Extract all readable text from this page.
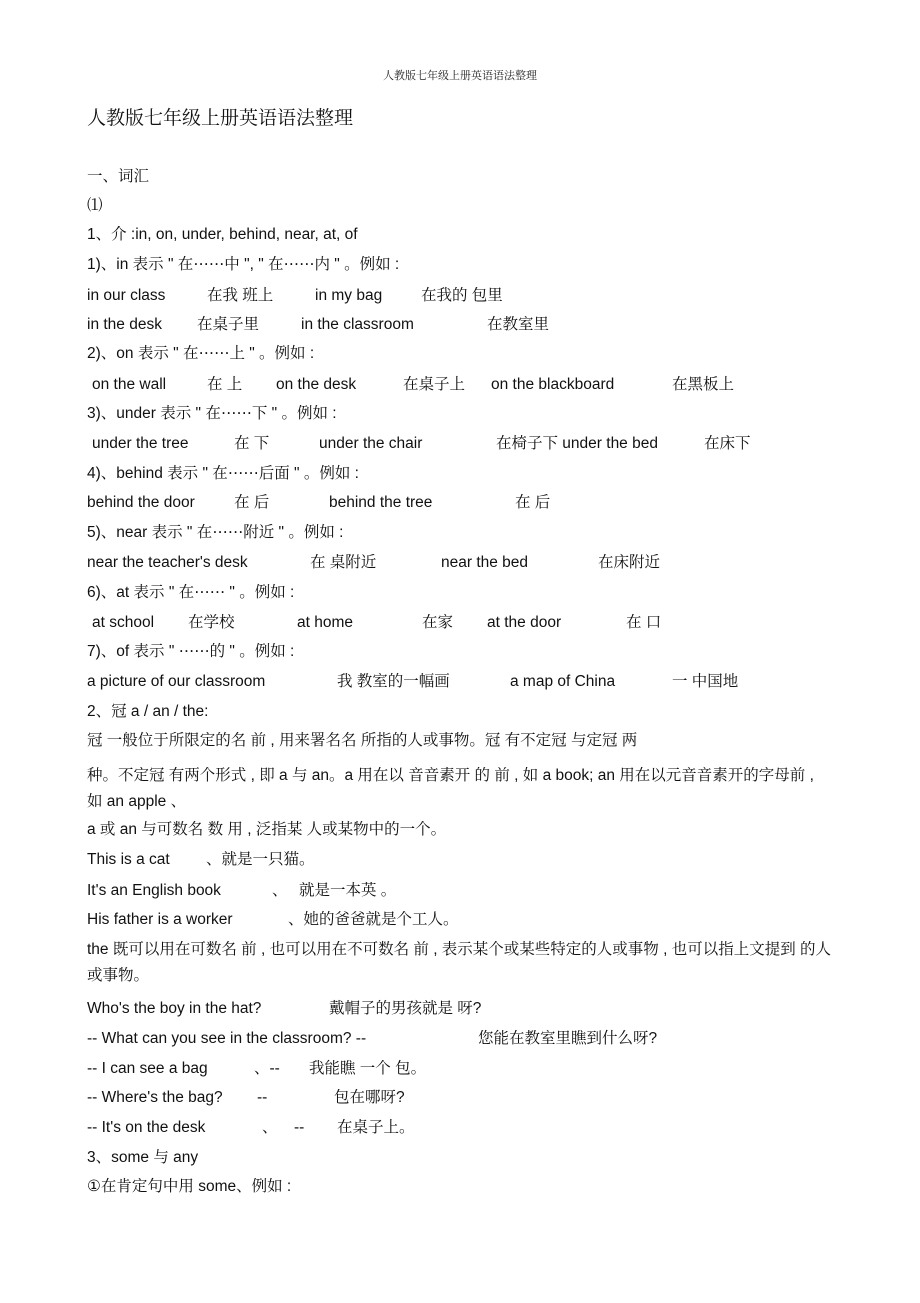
人教版七年级上册英语语法整理
人教版七年级上册英语语法整理
一、词汇
⑴
1、介 :in, on, under, behind, near, at, of
1)、in 表示 " 在⋯⋯中 ", " 在⋯⋯内 " 。例如 :
in our class	在我 班上	in my bag	在我的 包里
in the desk 在桌子里	in the classroom	在教室里
2)、on 表示 " 在⋯⋯上 " 。例如 :
on the wall	在 上 on the desk	在桌子上 on the blackboard	在黑板上
3)、under 表示 " 在⋯⋯下 " 。例如 :
under the tree	在 下	under the chair	在椅子下 under the bed	在床下
4)、behind 表示 " 在⋯⋯后面 " 。例如 :
behind the door	在 后	behind the tree	在 后
5)、near 表示 " 在⋯⋯附近 " 。例如 :
near the teacher's desk	在 桌附近	near the bed	在床附近
6)、at 表示 " 在⋯⋯ " 。例如 :
at school 在学校	at home	在家 at the door	在 口
7)、of 表示 " ⋯⋯的 " 。例如 :
a picture of our classroom	我 教室的一幅画	a map of China	一 中国地
2、冠 a / an / the:
冠 一般位于所限定的名 前 , 用来署名名 所指的人或事物。冠 有不定冠 与定冠 两
种。不定冠 有两个形式 , 即 a 与 an。a 用在以 音音素开 的 前 , 如 a book; an 用在以元音音素开的字母前 , 如 an apple 、
a 或 an 与可数名 数 用 , 泛指某 人或某物中的一个。
This is a cat 、就是一只猫。
It's an English book	、 就是一本英 。
His father is a worker	、她的爸爸就是个工人。
the 既可以用在可数名 前 , 也可以用在不可数名 前 , 表示某个或某些特定的人或事物 , 也可以指上文提到 的人或事物。
Who's the boy in the hat?	戴帽子的男孩就是 呀?
-- What can you see in the classroom? --	您能在教室里瞧到什么呀?
-- I can see a bag	、-- 我能瞧 一个 包。
-- Where's the bag? --	包在哪呀?
-- It's on the desk	、 -- 在桌子上。
3、some 与 any
①在肯定句中用 some、例如 :
